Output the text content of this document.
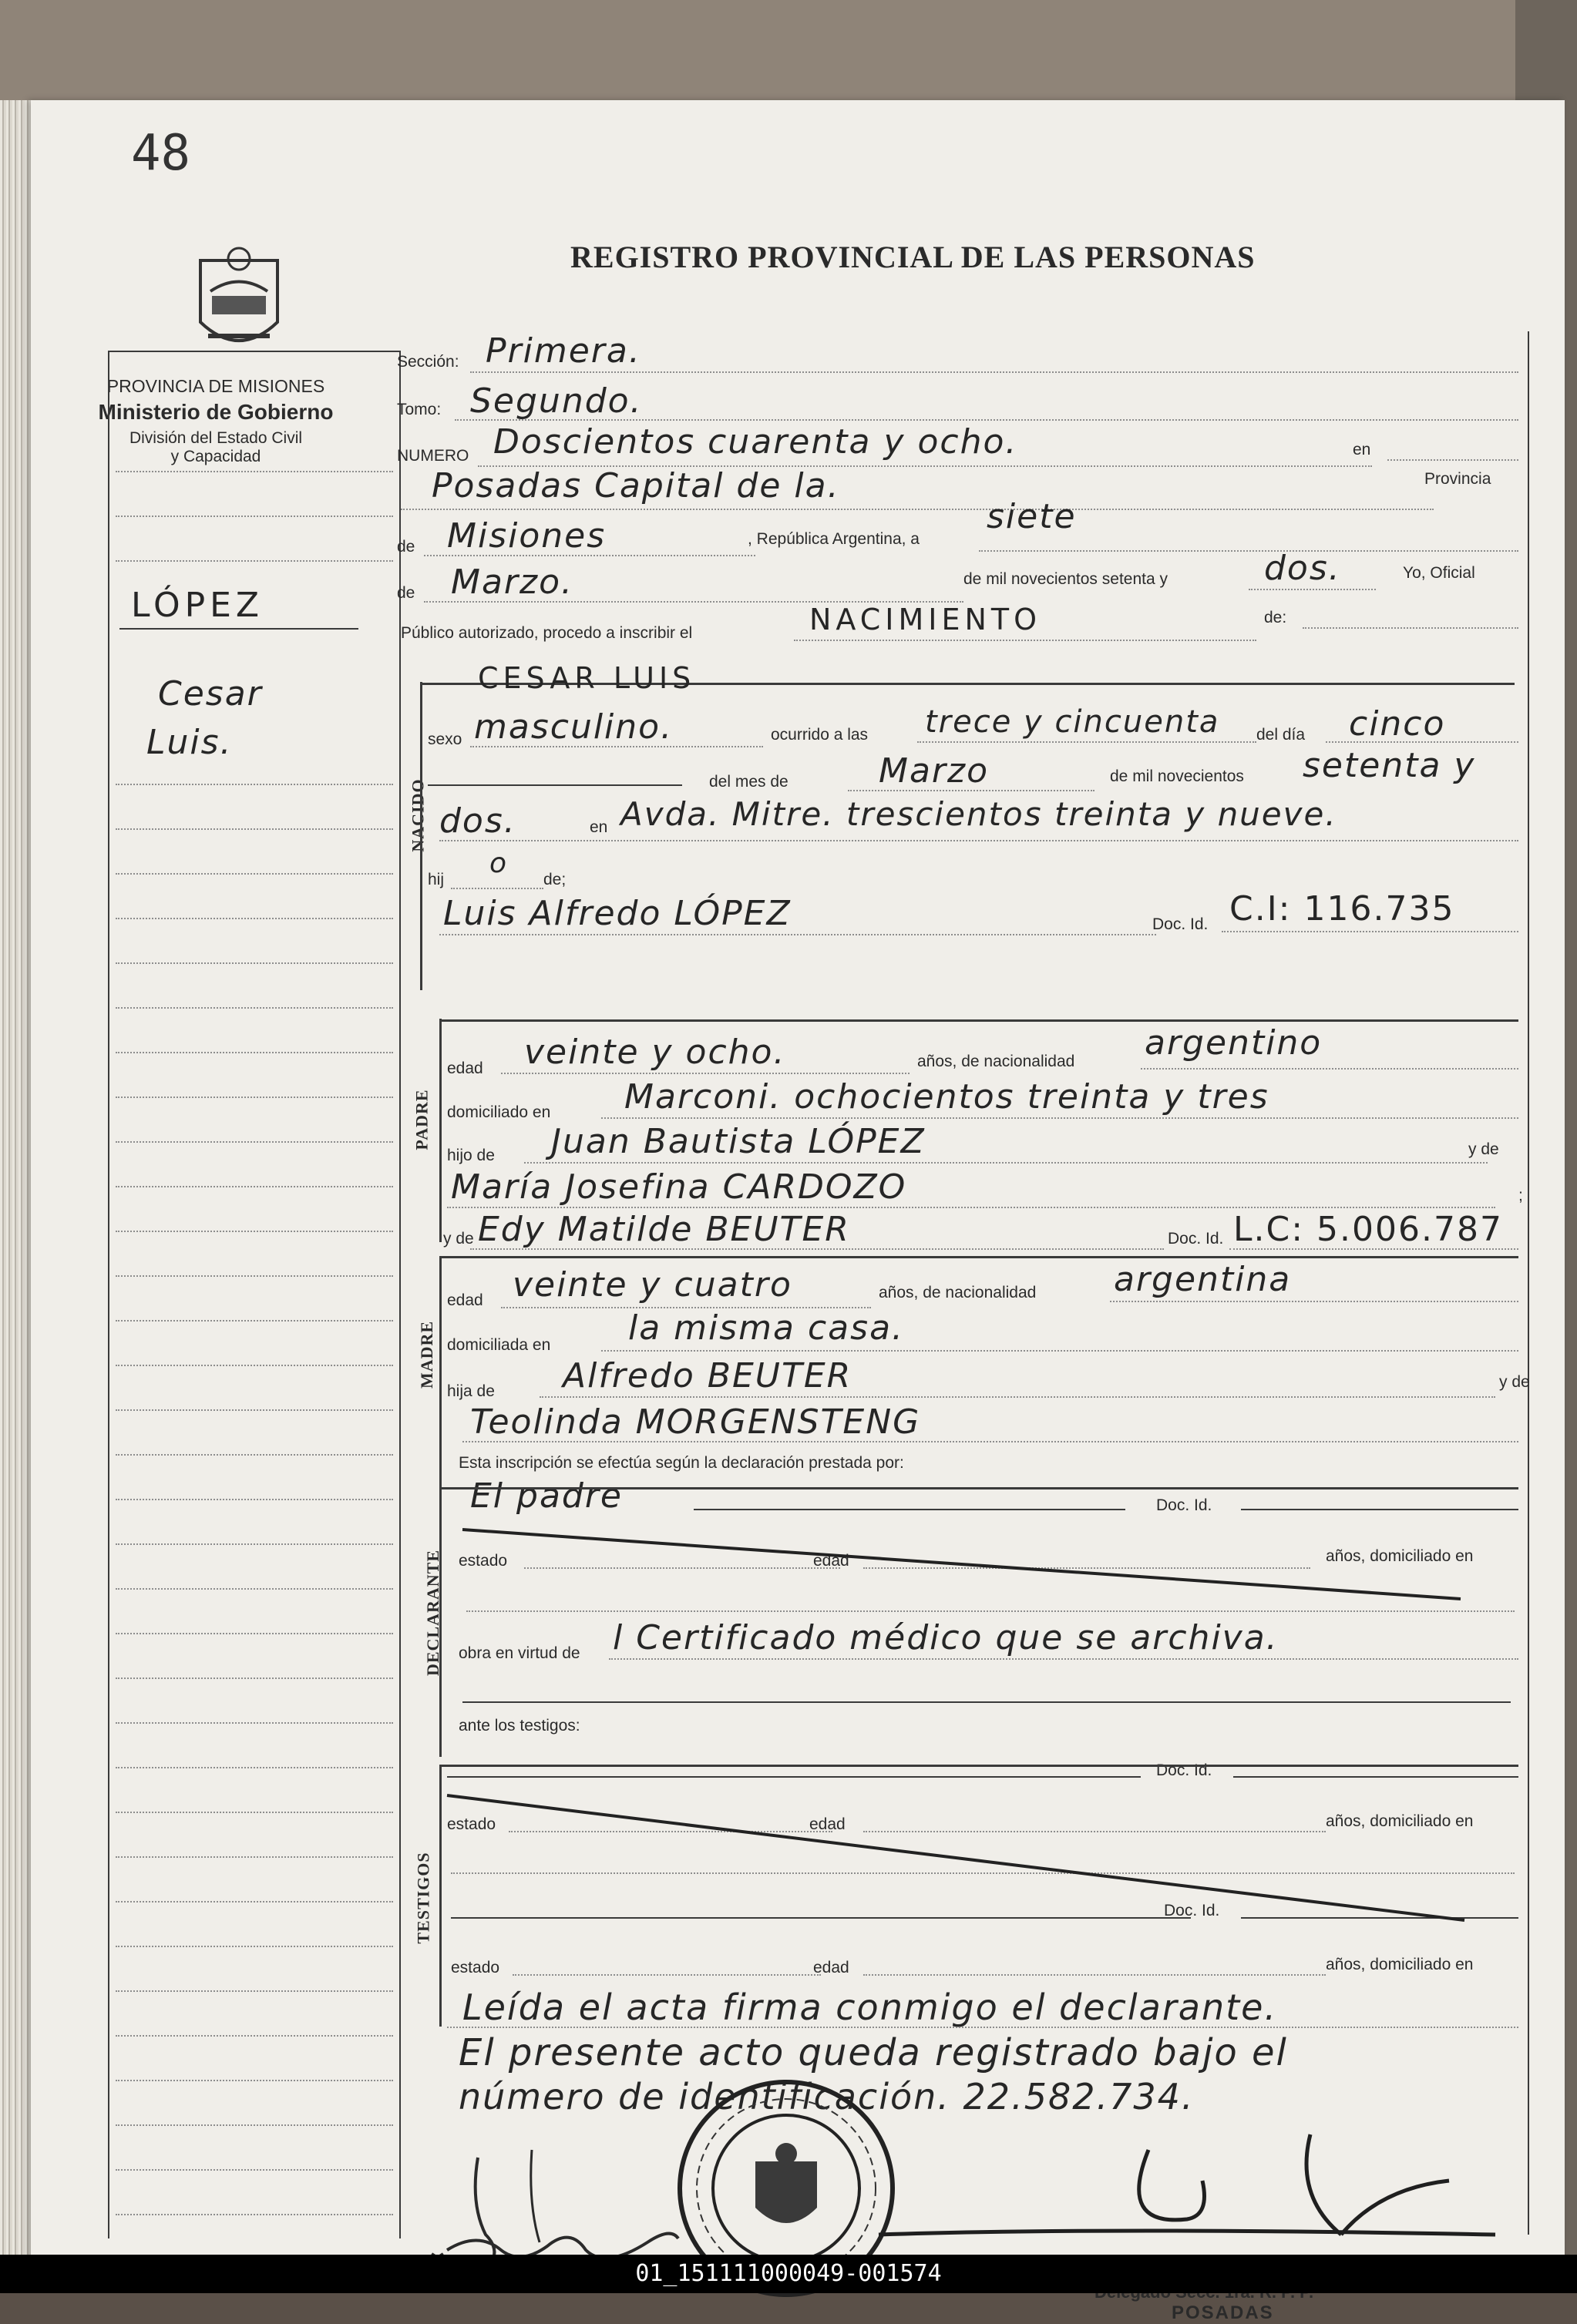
48
REGISTRO PROVINCIAL DE LAS PERSONAS
PROVINCIA DE MISIONES
Ministerio de Gobierno
División del Estado Civil
y Capacidad
LÓPEZ
Cesar
Luis.
Sección: Primera.
Tomo: Segundo.
NUMERO Doscientos cuarenta y ocho.	en
Posadas Capital de la.	Provincia
de Misiones	, República Argentina, a
siete
de Marzo.	de mil novecientos setenta y	dos.	Yo, Oficial
Público autorizado, procedo a inscribir el	NACIMIENTO	de:
NACIDO
CESAR LUIS
sexo masculino.	ocurrido a las trece y cincuenta del día cinco
del mes de	Marzo	de mil novecientos setenta y
dos.	en Avda. Mitre. trescientos treinta y nueve.
hij
o
de;
Luis Alfredo LÓPEZ	Doc. Id. C.I: 116.735
PADRE
edad veinte y ocho.	años, de nacionalidad argentino
domiciliado en Marconi. ochocientos treinta y tres
hijo de Juan Bautista LÓPEZ	y de
María Josefina CARDOZO	;
y de Edy Matilde BEUTER	Doc. Id. L.C: 5.006.787
MADRE
edad veinte y cuatro	años, de nacionalidad argentina
domiciliada en la misma casa.
hija de Alfredo BEUTER	y de
Teolinda MORGENSTENG
Esta inscripción se efectúa según la declaración prestada por:
El padre	Doc. Id.
DECLARANTE estado	edad	años, domiciliado en
obra en virtud de l Certificado médico que se archiva.
ante los testigos:
Doc. Id.
TESTIGOS
estado	edad	años, domiciliado en
Doc. Id.
estado	edad	años, domiciliado en
Leída el acta firma conmigo el declarante.
El presente acto queda registrado bajo el
número de identificación. 22.582.734.
POSADAS
01_151111000049-001574
